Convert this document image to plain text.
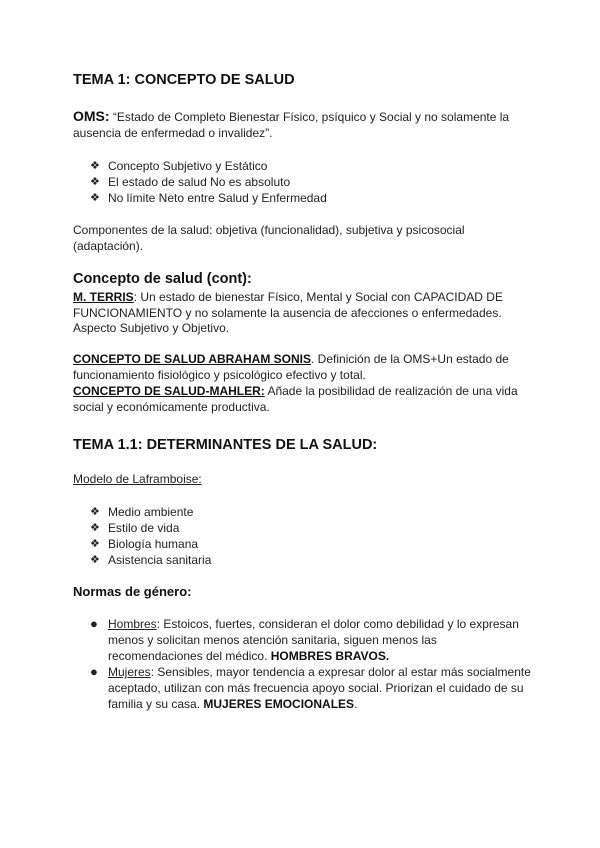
TEMA 1: CONCEPTO DE SALUD

OMS: “Estado de Completo Bienestar Físico, psíquico y Social y no solamente la ausencia de enfermedad o invalidez”.

❖ Concepto Subjetivo y Estático
❖ El estado de salud No es absoluto
❖ No límite Neto entre Salud y Enfermedad

Componentes de la salud: objetiva (funcionalidad), subjetiva y psicosocial (adaptación).

Concepto de salud (cont):

M. TERRIS: Un estado de bienestar Físico, Mental y Social con CAPACIDAD DE FUNCIONAMIENTO y no solamente la ausencia de afecciones o enfermedades. Aspecto Subjetivo y Objetivo.

CONCEPTO DE SALUD ABRAHAM SONIS. Definición de la OMS+Un estado de funcionamiento fisiológico y psicológico efectivo y total.

CONCEPTO DE SALUD-MAHLER: Añade la posibilidad de realización de una vida social y económicamente productiva.

TEMA 1.1: DETERMINANTES DE LA SALUD:

Modelo de Laframboise:

❖ Medio ambiente
❖ Estilo de vida
❖ Biología humana
❖ Asistencia sanitaria
Normas de género:
● Hombres: Estoicos, fuertes, consideran el dolor como debilidad y lo expresan menos y solicitan menos atención sanitaria, siguen menos las recomendaciones del médico. HOMBRES BRAVOS.
● Mujeres: Sensibles, mayor tendencia a expresar dolor al estar más socialmente aceptado, utilizan con más frecuencia apoyo social. Priorizan el cuidado de su familia y su casa. MUJERES EMOCIONALES.
